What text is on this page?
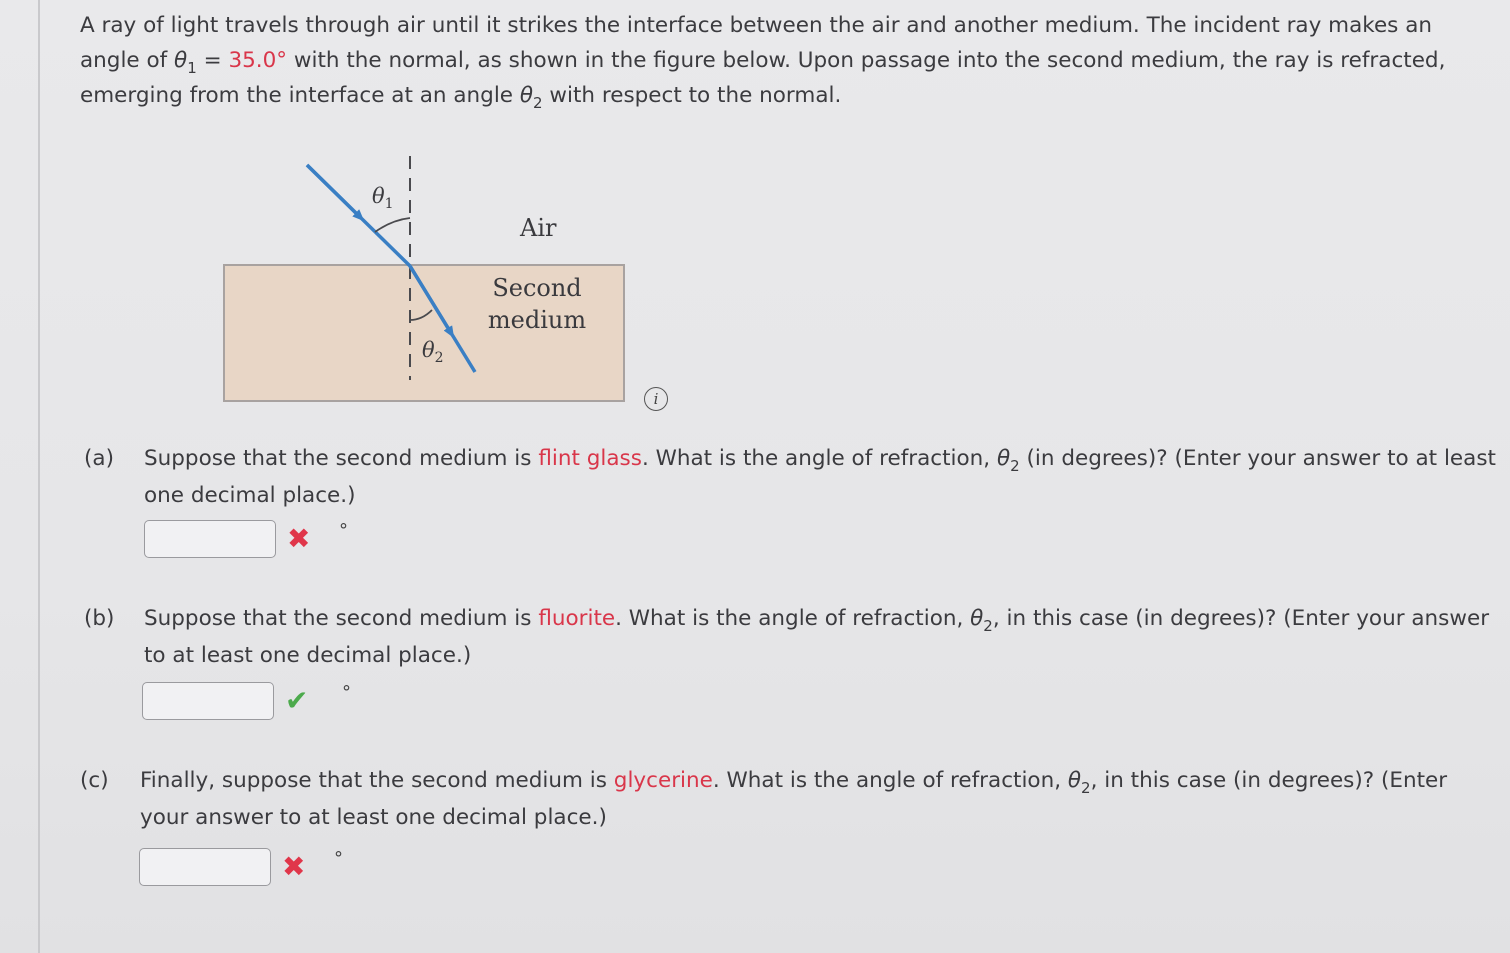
A ray of light travels through air until it strikes the interface between the air and another medium. The incident ray makes an angle of $\theta_1 = 35.0^\circ$ with the normal, as shown in the figure below. Upon passage into the second medium, the ray is refracted, emerging from the interface at an angle $\theta_2$ with respect to the normal.

Air
Second
medium
$\theta_1$
$\theta_2$
i
(a) Suppose that the second medium is flint glass. What is the angle of refraction, $\theta_2$ (in degrees)? (Enter your answer to at least one decimal place.)
✖ °
(b) Suppose that the second medium is fluorite. What is the angle of refraction, $\theta_2$, in this case (in degrees)? (Enter your answer to at least one decimal place.)
✔ °
(c) Finally, suppose that the second medium is glycerine. What is the angle of refraction, $\theta_2$, in this case (in degrees)? (Enter your answer to at least one decimal place.)
✖ °
